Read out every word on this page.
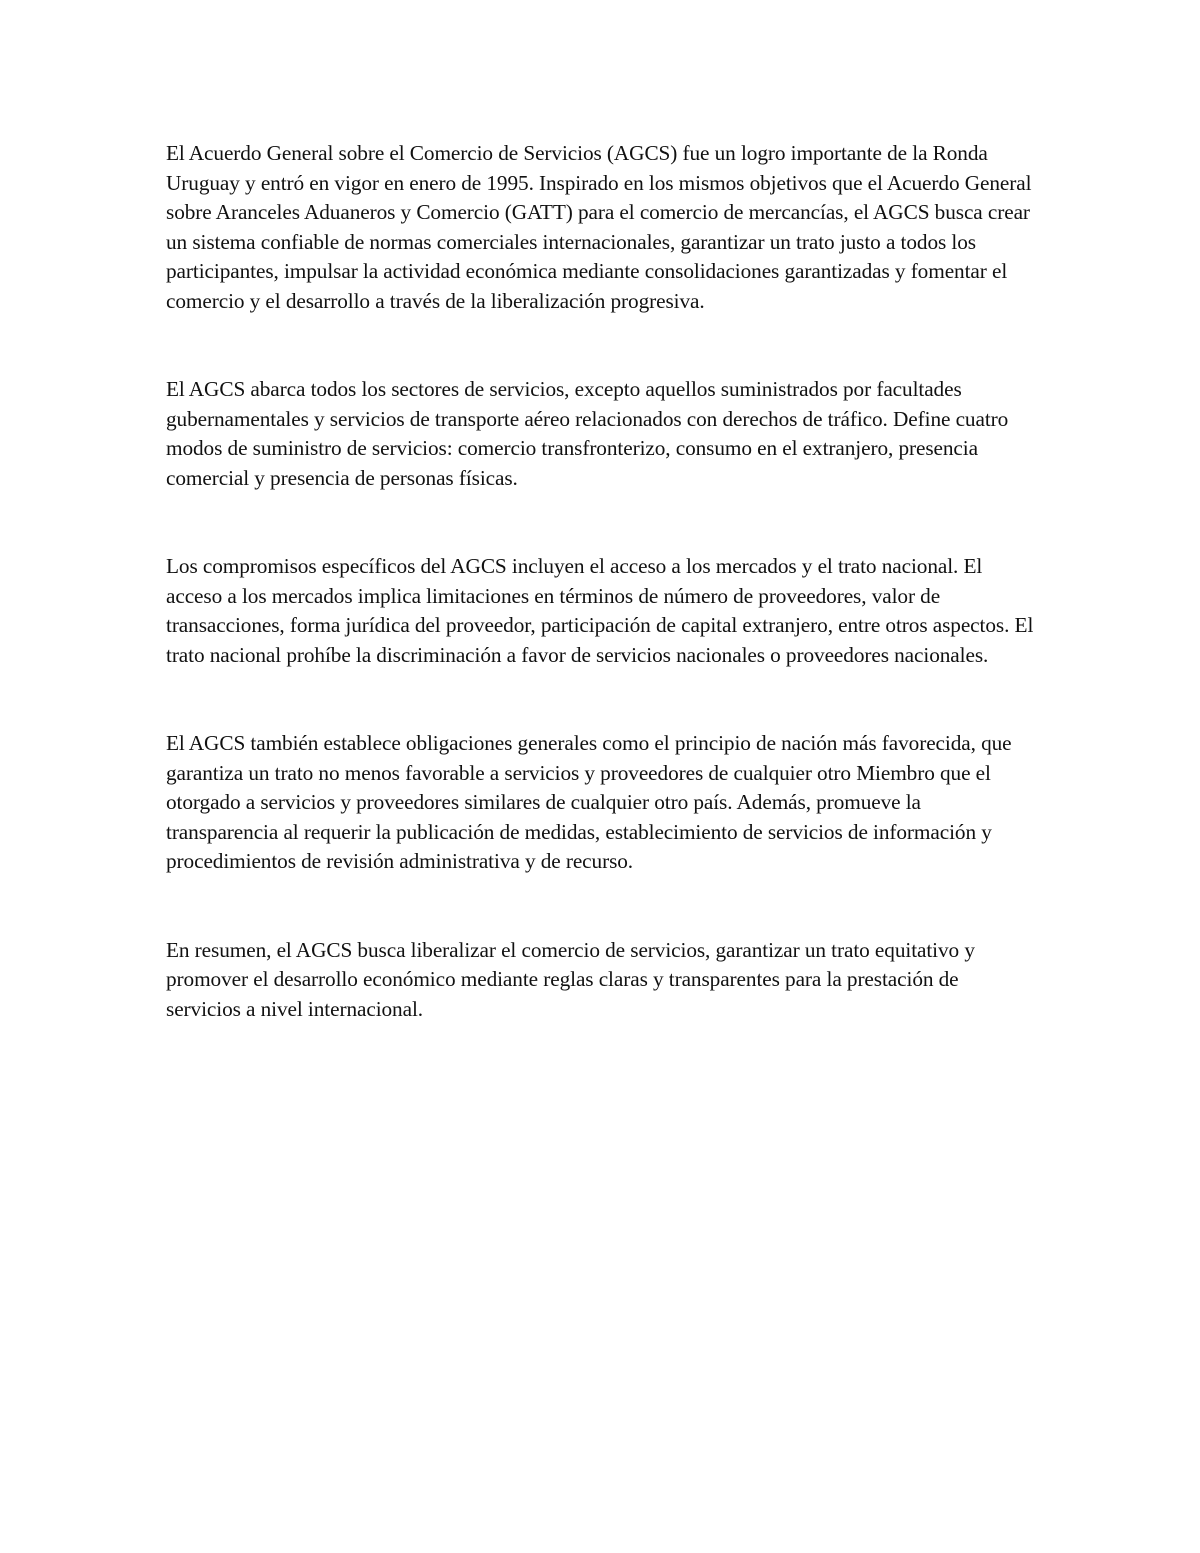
El Acuerdo General sobre el Comercio de Servicios (AGCS) fue un logro importante de la Ronda Uruguay y entró en vigor en enero de 1995. Inspirado en los mismos objetivos que el Acuerdo General sobre Aranceles Aduaneros y Comercio (GATT) para el comercio de mercancías, el AGCS busca crear un sistema confiable de normas comerciales internacionales, garantizar un trato justo a todos los participantes, impulsar la actividad económica mediante consolidaciones garantizadas y fomentar el comercio y el desarrollo a través de la liberalización progresiva.

El AGCS abarca todos los sectores de servicios, excepto aquellos suministrados por facultades gubernamentales y servicios de transporte aéreo relacionados con derechos de tráfico. Define cuatro modos de suministro de servicios: comercio transfronterizo, consumo en el extranjero, presencia comercial y presencia de personas físicas.

Los compromisos específicos del AGCS incluyen el acceso a los mercados y el trato nacional. El acceso a los mercados implica limitaciones en términos de número de proveedores, valor de transacciones, forma jurídica del proveedor, participación de capital extranjero, entre otros aspectos. El trato nacional prohíbe la discriminación a favor de servicios nacionales o proveedores nacionales.

El AGCS también establece obligaciones generales como el principio de nación más favorecida, que garantiza un trato no menos favorable a servicios y proveedores de cualquier otro Miembro que el otorgado a servicios y proveedores similares de cualquier otro país. Además, promueve la transparencia al requerir la publicación de medidas, establecimiento de servicios de información y procedimientos de revisión administrativa y de recurso.

En resumen, el AGCS busca liberalizar el comercio de servicios, garantizar un trato equitativo y promover el desarrollo económico mediante reglas claras y transparentes para la prestación de servicios a nivel internacional.
